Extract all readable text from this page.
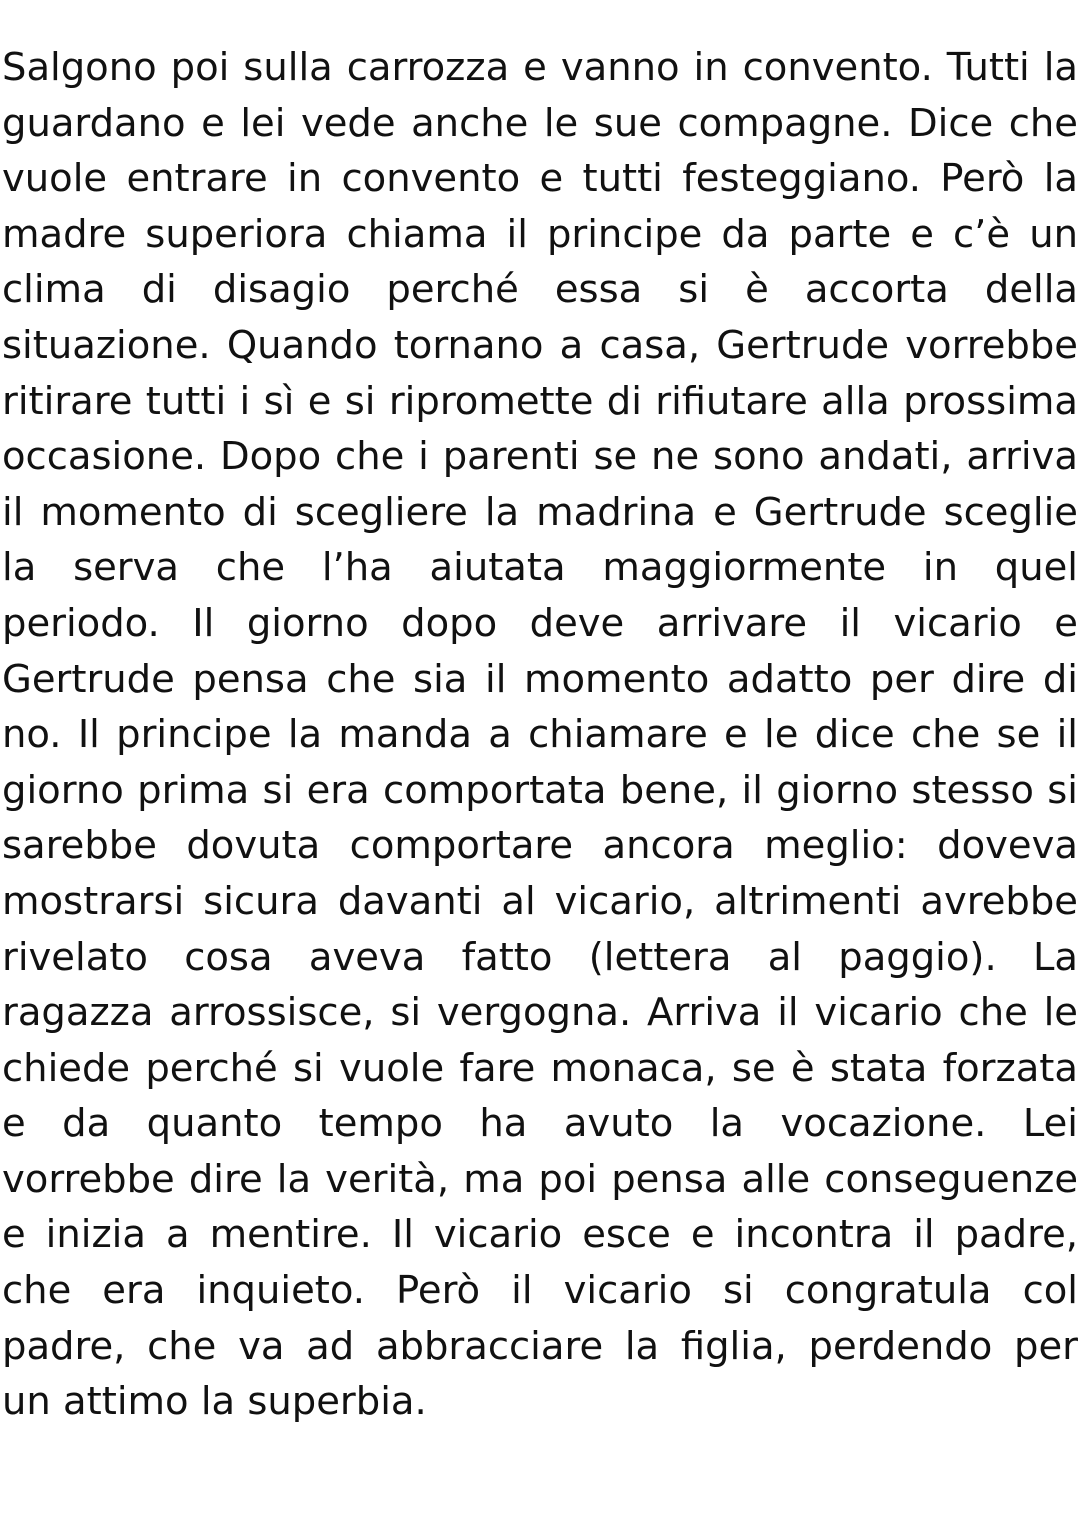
Salgono poi sulla carrozza e vanno in convento. Tutti la

guardano e lei vede anche le sue compagne. Dice che

vuole entrare in convento e tutti festeggiano. Però la

madre superiora chiama il principe da parte e c’è un

clima di disagio perché essa si è accorta della

situazione. Quando tornano a casa, Gertrude vorrebbe

ritirare tutti i sì e si ripromette di rifiutare alla prossima

occasione. Dopo che i parenti se ne sono andati, arriva

il momento di scegliere la madrina e Gertrude sceglie

la serva che l’ha aiutata maggiormente in quel

periodo. Il giorno dopo deve arrivare il vicario e

Gertrude pensa che sia il momento adatto per dire di

no. Il principe la manda a chiamare e le dice che se il

giorno prima si era comportata bene, il giorno stesso si

sarebbe dovuta comportare ancora meglio: doveva

mostrarsi sicura davanti al vicario, altrimenti avrebbe

rivelato cosa aveva fatto (lettera al paggio). La

ragazza arrossisce, si vergogna. Arriva il vicario che le

chiede perché si vuole fare monaca, se è stata forzata

e da quanto tempo ha avuto la vocazione. Lei

vorrebbe dire la verità, ma poi pensa alle conseguenze

e inizia a mentire. Il vicario esce e incontra il padre,

che era inquieto. Però il vicario si congratula col

padre, che va ad abbracciare la figlia, perdendo per

un attimo la superbia.
